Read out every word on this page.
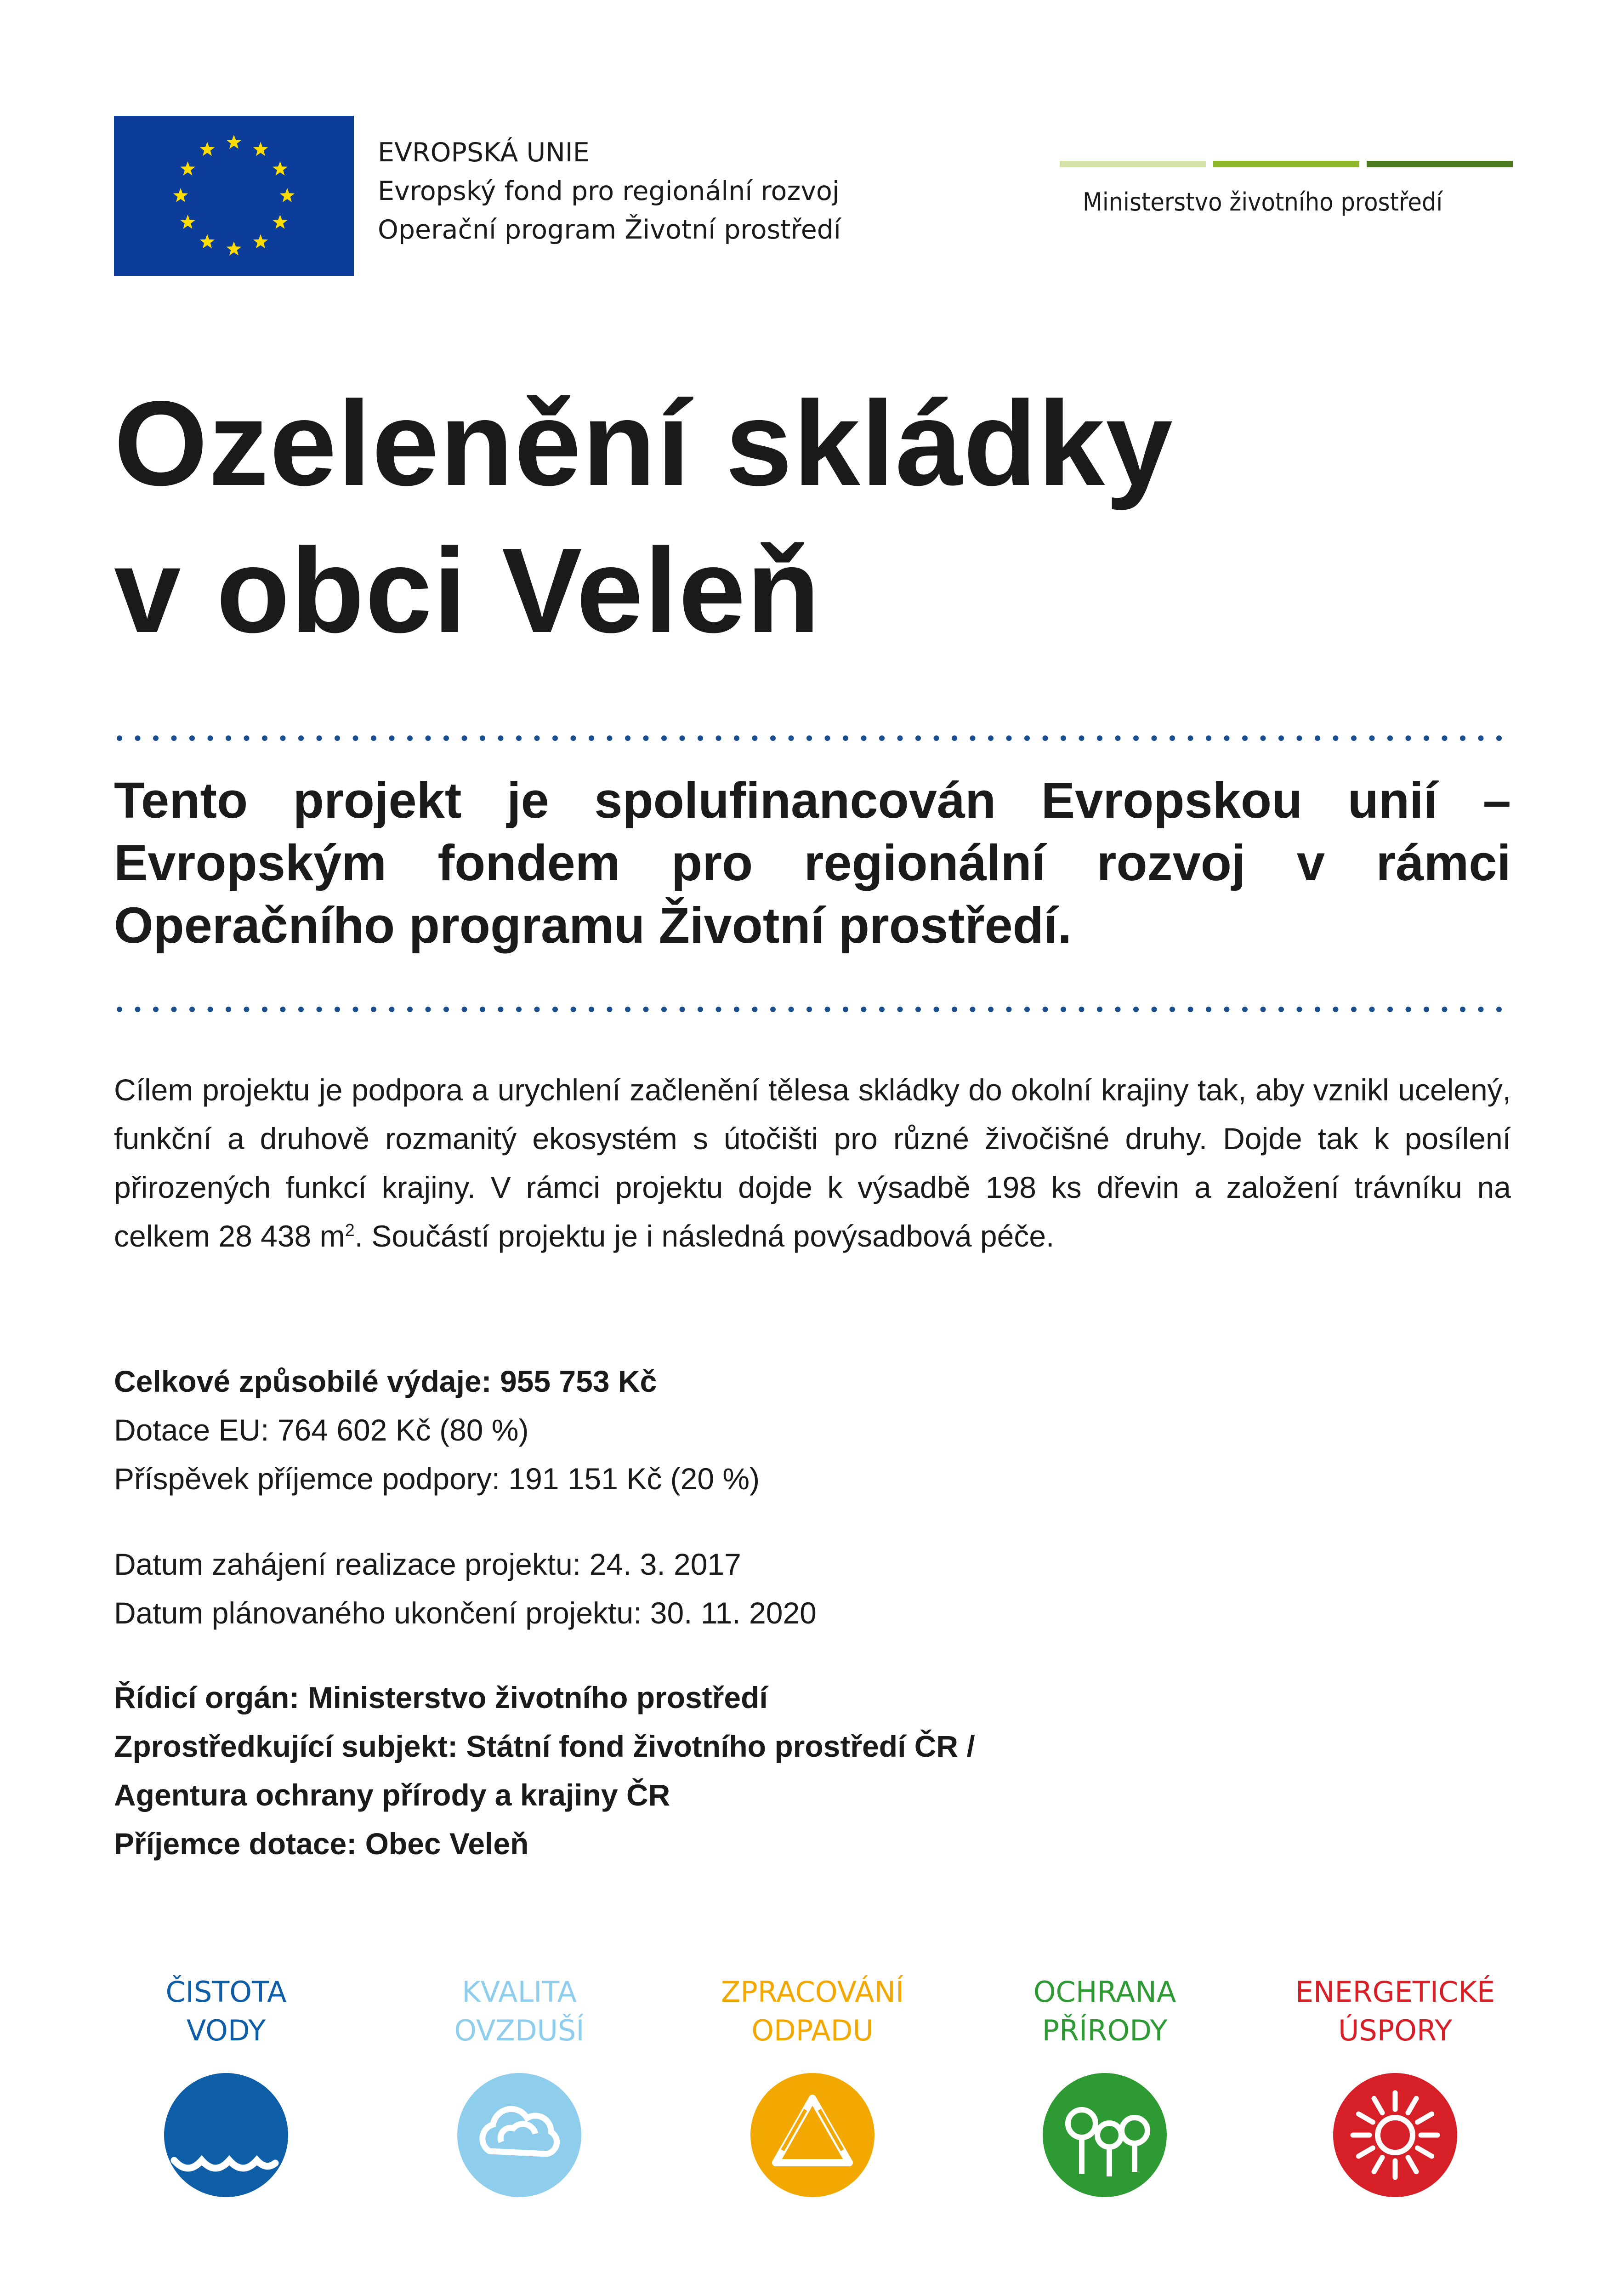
EVROPSKÁ UNIE
Evropský fond pro regionální rozvoj
Operační program Životní prostředí
Ministerstvo životního prostředí
Ozelenění skládky
v obci Veleň
Tento projekt je spolufinancován Evropskou unií – Evropským fondem pro regionální rozvoj v rámci Operačního programu Životní prostředí.
Cílem projektu je podpora a urychlení začlenění tělesa skládky do okolní krajiny tak, aby vznikl ucelený, funkční a druhově rozmanitý ekosystém s útočišti pro různé živočišné druhy. Dojde tak k posílení přirozených funkcí krajiny. V rámci projektu dojde k výsadbě 198 ks dřevin a založení trávníku na celkem 28 438 $m^2$. Součástí projektu je i následná povýsadbová péče.
Celkové způsobilé výdaje: 955 753 Kč
Dotace EU: 764 602 Kč (80 %)
Příspěvek příjemce podpory: 191 151 Kč (20 %)
Datum zahájení realizace projektu: 24. 3. 2017
Datum plánovaného ukončení projektu: 30. 11. 2020
Řídicí orgán: Ministerstvo životního prostředí
Zprostředkující subjekt: Státní fond životního prostředí ČR /
Agentura ochrany přírody a krajiny ČR
Příjemce dotace: Obec Veleň
ČISTOTA
VODY
KVALITA
OVZDUŠÍ
ZPRACOVÁNÍ
ODPADU
OCHRANA
PŘÍRODY
ENERGETICKÉ
ÚSPORY
